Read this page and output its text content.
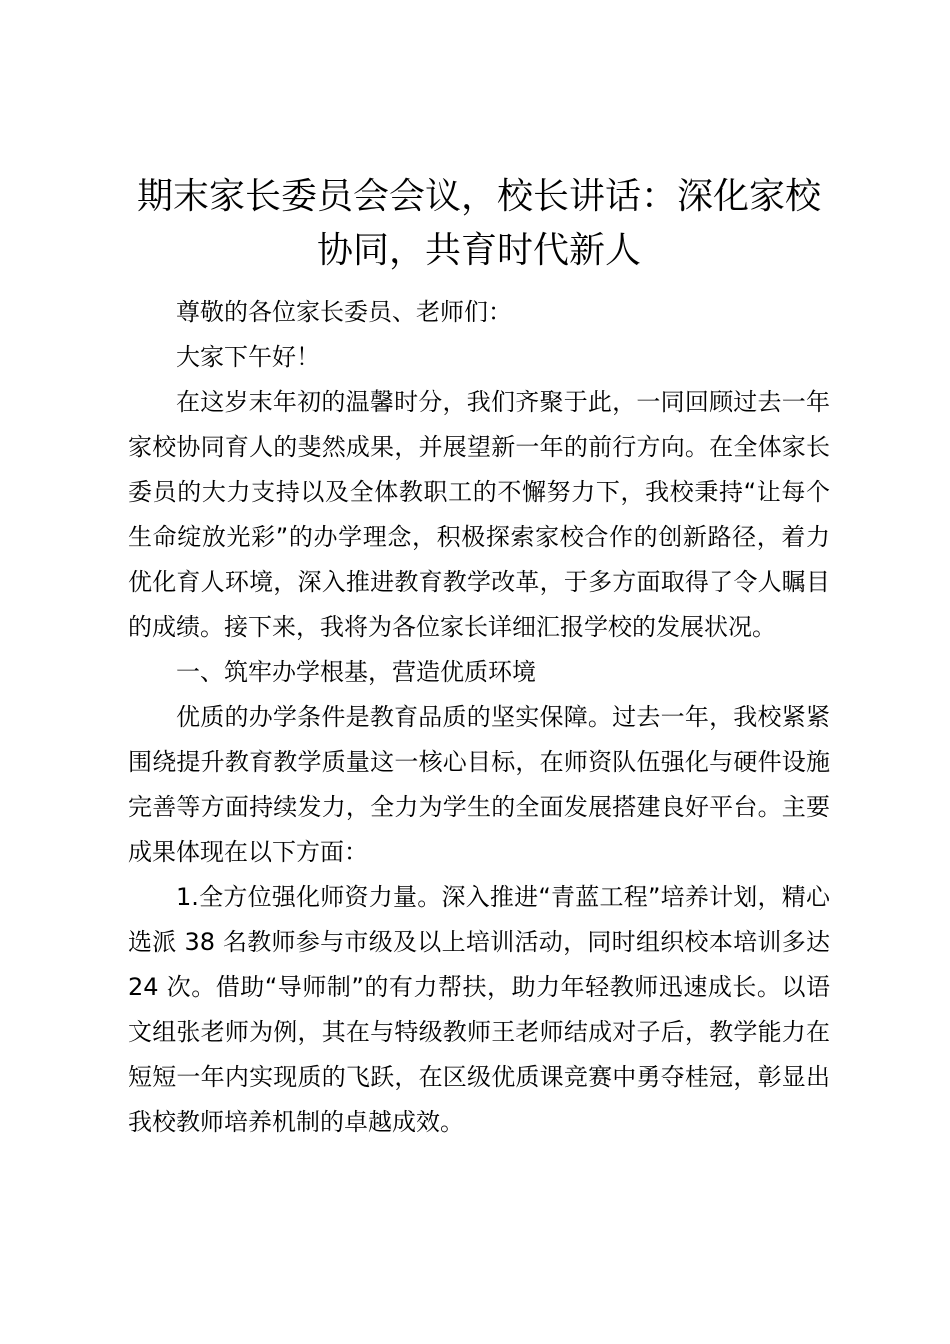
期末家长委员会会议，校长讲话：深化家校协同，共育时代新人

尊敬的各位家长委员、老师们：

大家下午好！

在这岁末年初的温馨时分，我们齐聚于此，一同回顾过去一年家校协同育人的斐然成果，并展望新一年的前行方向。在全体家长委员的大力支持以及全体教职工的不懈努力下，我校秉持“让每个生命绽放光彩”的办学理念，积极探索家校合作的创新路径，着力优化育人环境，深入推进教育教学改革，于多方面取得了令人瞩目的成绩。接下来，我将为各位家长详细汇报学校的发展状况。

一、筑牢办学根基，营造优质环境

优质的办学条件是教育品质的坚实保障。过去一年，我校紧紧围绕提升教育教学质量这一核心目标，在师资队伍强化与硬件设施完善等方面持续发力，全力为学生的全面发展搭建良好平台。主要成果体现在以下方面：

1.全方位强化师资力量。深入推进“青蓝工程”培养计划，精心选派 38 名教师参与市级及以上培训活动，同时组织校本培训多达 24 次。借助“导师制”的有力帮扶，助力年轻教师迅速成长。以语文组张老师为例，其在与特级教师王老师结成对子后，教学能力在短短一年内实现质的飞跃，在区级优质课竞赛中勇夺桂冠，彰显出我校教师培养机制的卓越成效。
